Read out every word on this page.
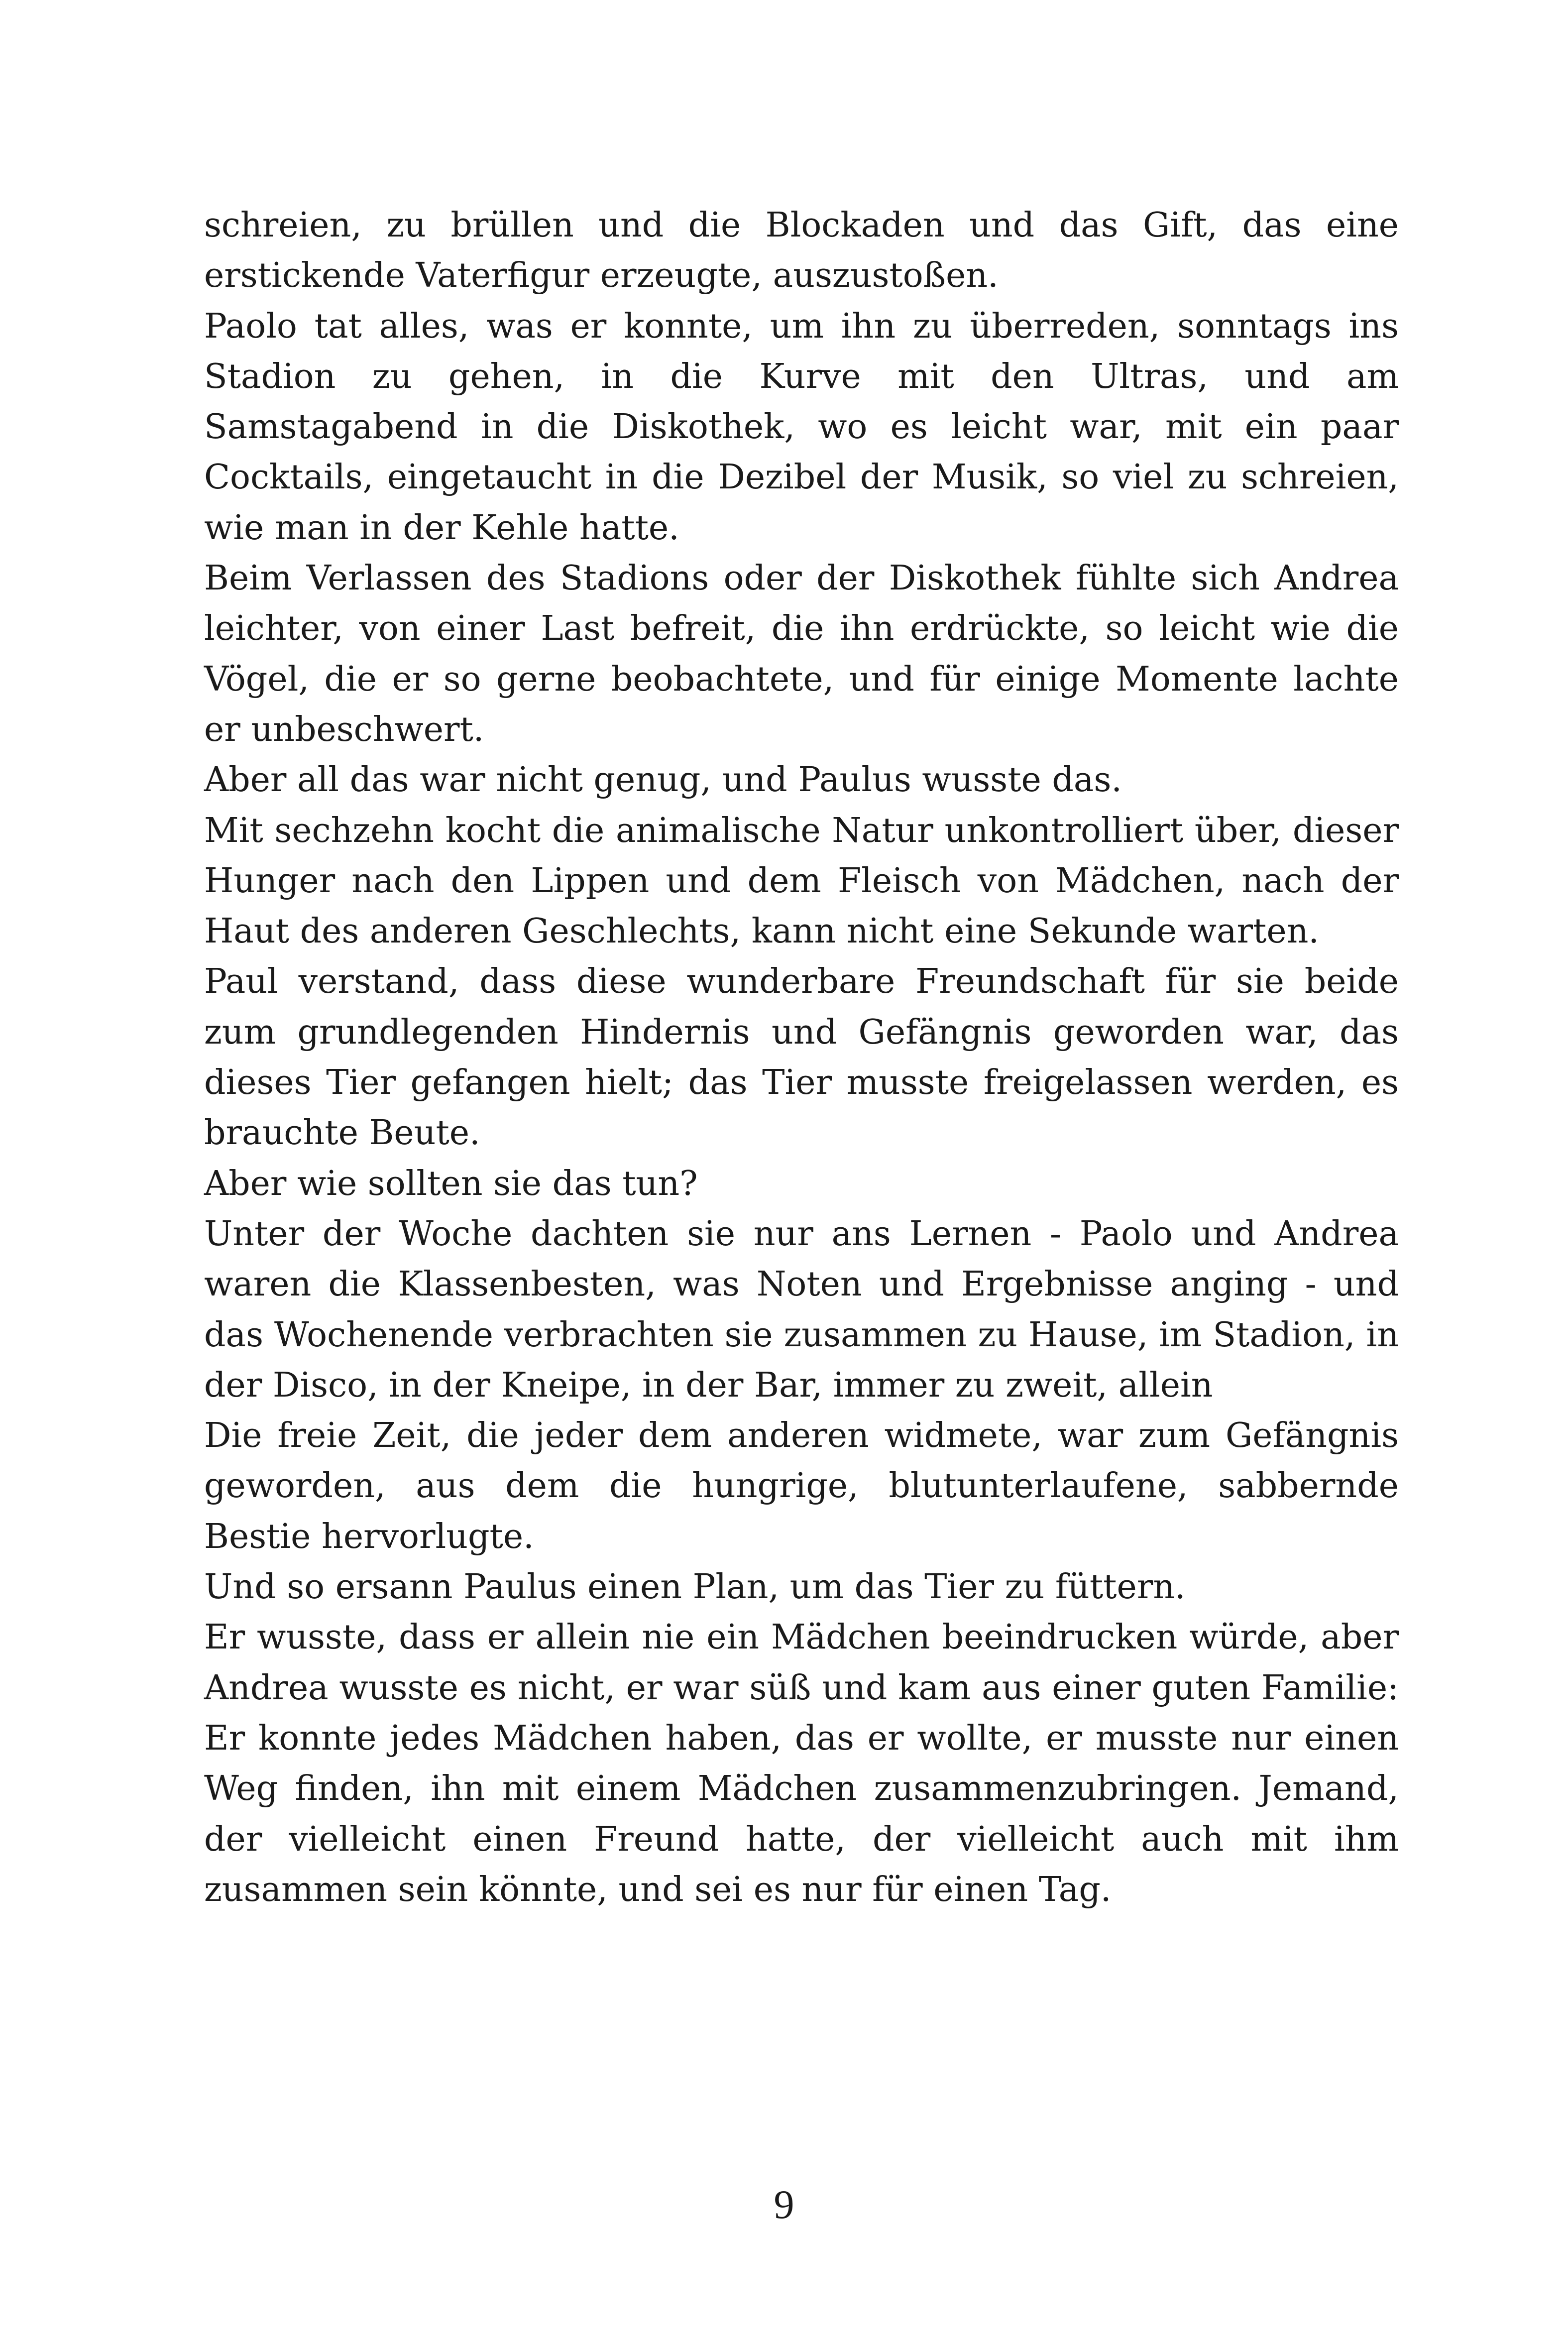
schreien, zu brüllen und die Blockaden und das Gift, das eine erstickende Vaterfigur erzeugte, auszustoßen.

Paolo tat alles, was er konnte, um ihn zu überreden, sonntags ins Stadion zu gehen, in die Kurve mit den Ultras, und am Samstagabend in die Diskothek, wo es leicht war, mit ein paar Cocktails, eingetaucht in die Dezibel der Musik, so viel zu schreien, wie man in der Kehle hatte.

Beim Verlassen des Stadions oder der Diskothek fühlte sich Andrea leichter, von einer Last befreit, die ihn erdrückte, so leicht wie die Vögel, die er so gerne beobachtete, und für einige Momente lachte er unbeschwert.

Aber all das war nicht genug, und Paulus wusste das.

Mit sechzehn kocht die animalische Natur unkontrolliert über, dieser Hunger nach den Lippen und dem Fleisch von Mädchen, nach der Haut des anderen Geschlechts, kann nicht eine Sekunde warten.

Paul verstand, dass diese wunderbare Freundschaft für sie beide zum grundlegenden Hindernis und Gefängnis geworden war, das dieses Tier gefangen hielt; das Tier musste freigelassen werden, es brauchte Beute.

Aber wie sollten sie das tun?

Unter der Woche dachten sie nur ans Lernen - Paolo und Andrea waren die Klassenbesten, was Noten und Ergebnisse anging - und das Wochenende verbrachten sie zusammen zu Hause, im Stadion, in der Disco, in der Kneipe, in der Bar, immer zu zweit, allein

Die freie Zeit, die jeder dem anderen widmete, war zum Gefängnis geworden, aus dem die hungrige, blutunterlaufene, sabbernde Bestie hervorlugte.

Und so ersann Paulus einen Plan, um das Tier zu füttern.

Er wusste, dass er allein nie ein Mädchen beeindrucken würde, aber Andrea wusste es nicht, er war süß und kam aus einer guten Familie: Er konnte jedes Mädchen haben, das er wollte, er musste nur einen Weg finden, ihn mit einem Mädchen zusammenzubringen. Jemand, der vielleicht einen Freund hatte, der vielleicht auch mit ihm zusammen sein könnte, und sei es nur für einen Tag.

9
